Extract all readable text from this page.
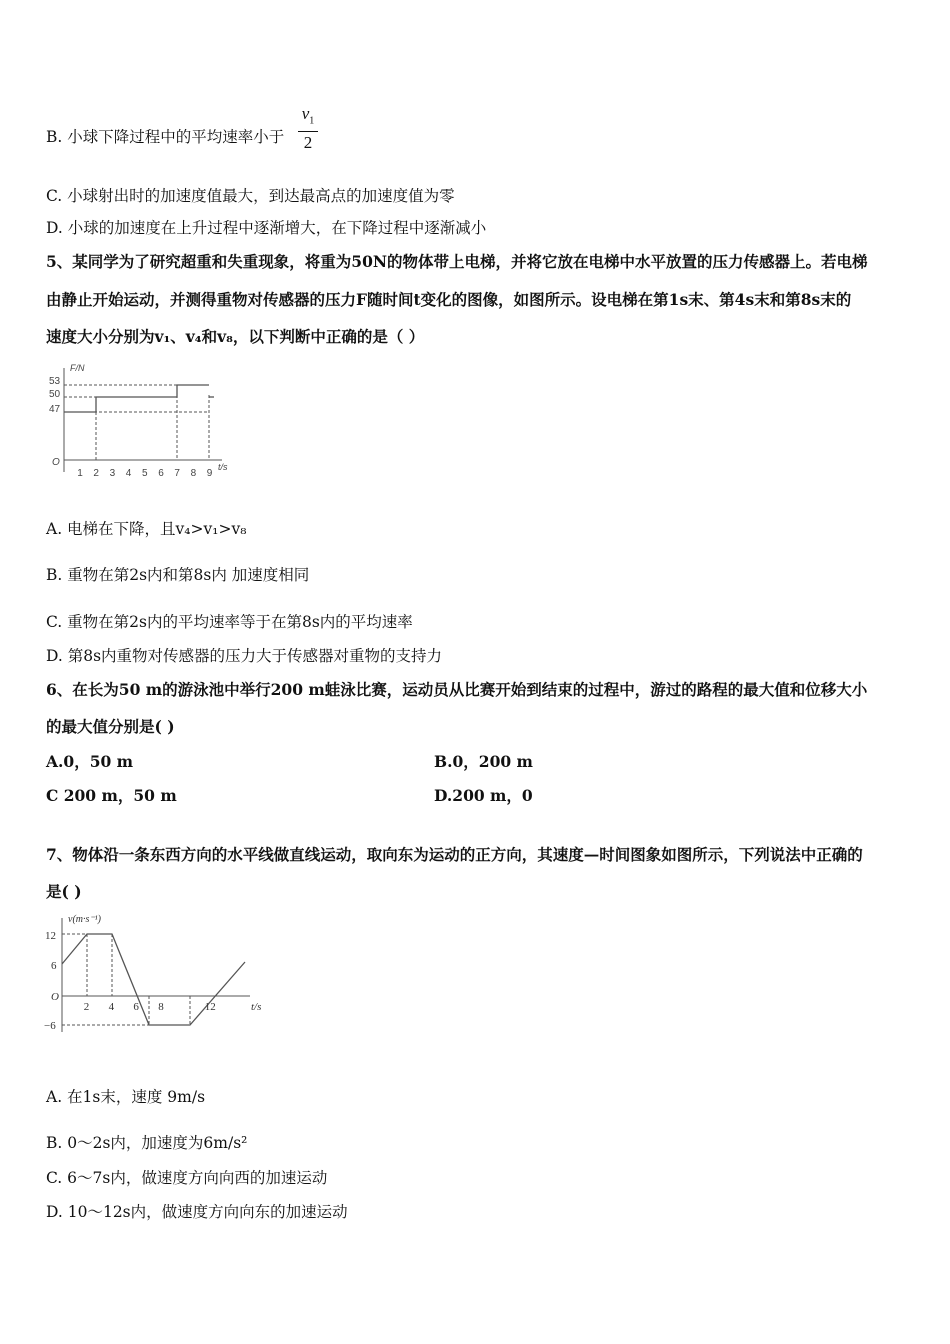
B. 小球下降过程中的平均速率小于 $\frac{v_1}{2}$
C. 小球射出时的加速度值最大，到达最高点的加速度值为零
D. 小球的加速度在上升过程中逐渐增大，在下降过程中逐渐减小
5、某同学为了研究超重和失重现象，将重为50N的物体带上电梯，并将它放在电梯中水平放置的压力传感器上。若电梯
由静止开始运动，并测得重物对传感器的压力F随时间t变化的图像，如图所示。设电梯在第1s末、第4s末和第8s末的
速度大小分别为v₁、v₄和v₈，以下判断中正确的是（ ）
F/N
53
50
47
O
1 2 3 4 5 6 7 8 9
t/s
A. 电梯在下降，且v₄>v₁>v₈
B. 重物在第2s内和第8s内 加速度相同
C. 重物在第2s内的平均速率等于在第8s内的平均速率
D. 第8s内重物对传感器的压力大于传感器对重物的支持力
6、在长为50 m的游泳池中举行200 m蛙泳比赛，运动员从比赛开始到结束的过程中，游过的路程的最大值和位移大小
的最大值分别是( )
A.0，50 m	B.0，200 m
C 200 m，50 m	D.200 m，0
7、物体沿一条东西方向的水平线做直线运动，取向东为运动的正方向，其速度—时间图象如图所示，下列说法中正确的
是( )
v(m·s⁻¹)
12
6
O
−6
2 4 6 8	12	t/s
A. 在1s末，速度 9m/s
B. 0～2s内，加速度为6m/s²
C. 6～7s内，做速度方向向西的加速运动
D. 10～12s内，做速度方向向东的加速运动
